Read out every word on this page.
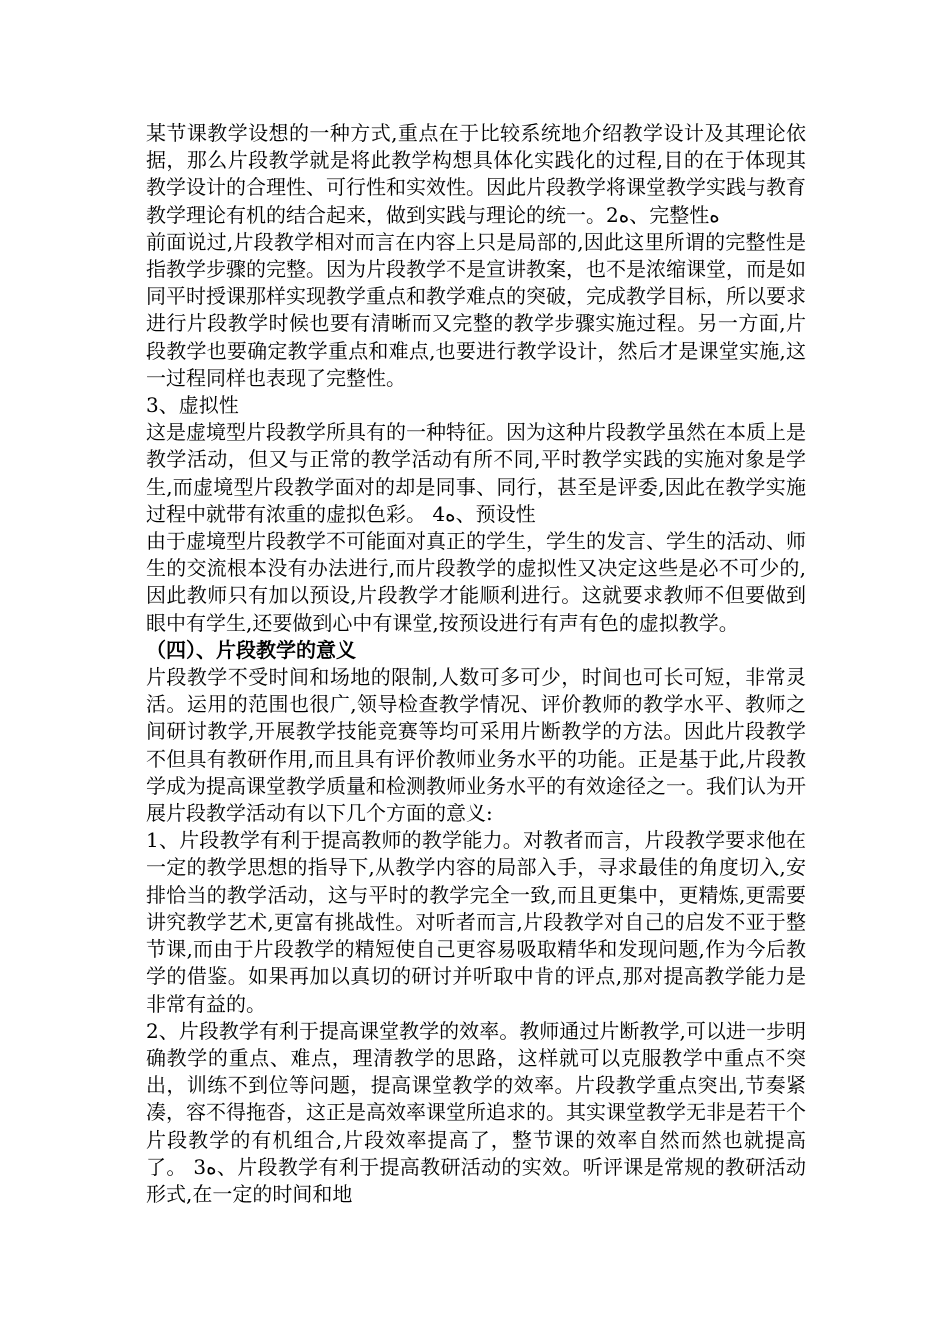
某节课教学设想的一种方式,重点在于比较系统地介绍教学设计及其理论依据，那么片段教学就是将此教学构想具体化实践化的过程,目的在于体现其教学设计的合理性、可行性和实效性。因此片段教学将课堂教学实践与教育教学理论有机的结合起来，做到实践与理论的统一。2ه、完整性ه　　　　　前面说过,片段教学相对而言在内容上只是局部的,因此这里所谓的完整性是指教学步骤的完整。因为片段教学不是宣讲教案，也不是浓缩课堂，而是如同平时授课那样实现教学重点和教学难点的突破，完成教学目标，所以要求进行片段教学时候也要有清晰而又完整的教学步骤实施过程。另一方面,片段教学也要确定教学重点和难点,也要进行教学设计，然后才是课堂实施,这一过程同样也表现了完整性。

3、虚拟性

这是虚境型片段教学所具有的一种特征。因为这种片段教学虽然在本质上是教学活动，但又与正常的教学活动有所不同,平时教学实践的实施对象是学生,而虚境型片段教学面对的却是同事、同行，甚至是评委,因此在教学实施过程中就带有浓重的虚拟色彩。 4ه、预设性

由于虚境型片段教学不可能面对真正的学生，学生的发言、学生的活动、师生的交流根本没有办法进行,而片段教学的虚拟性又决定这些是必不可少的,因此教师只有加以预设,片段教学才能顺利进行。这就要求教师不但要做到眼中有学生,还要做到心中有课堂,按预设进行有声有色的虚拟教学。

（四）、片段教学的意义

片段教学不受时间和场地的限制,人数可多可少，时间也可长可短，非常灵活。运用的范围也很广,领导检查教学情况、评价教师的教学水平、教师之间研讨教学,开展教学技能竞赛等均可采用片断教学的方法。因此片段教学不但具有教研作用,而且具有评价教师业务水平的功能。正是基于此,片段教学成为提高课堂教学质量和检测教师业务水平的有效途径之一。我们认为开展片段教学活动有以下几个方面的意义:

1、片段教学有利于提高教师的教学能力。对教者而言，片段教学要求他在一定的教学思想的指导下,从教学内容的局部入手，寻求最佳的角度切入,安排恰当的教学活动，这与平时的教学完全一致,而且更集中，更精炼,更需要讲究教学艺术,更富有挑战性。对听者而言,片段教学对自己的启发不亚于整节课,而由于片段教学的精短使自己更容易吸取精华和发现问题,作为今后教学的借鉴。如果再加以真切的研讨并听取中肯的评点,那对提高教学能力是非常有益的。

2、片段教学有利于提高课堂教学的效率。教师通过片断教学,可以进一步明确教学的重点、难点，理清教学的思路，这样就可以克服教学中重点不突出，训练不到位等问题，提高课堂教学的效率。片段教学重点突出,节奏紧凑，容不得拖沓，这正是高效率课堂所追求的。其实课堂教学无非是若干个片段教学的有机组合,片段效率提高了，整节课的效率自然而然也就提高了。 3ه、片段教学有利于提高教研活动的实效。听评课是常规的教研活动形式,在一定的时间和地
